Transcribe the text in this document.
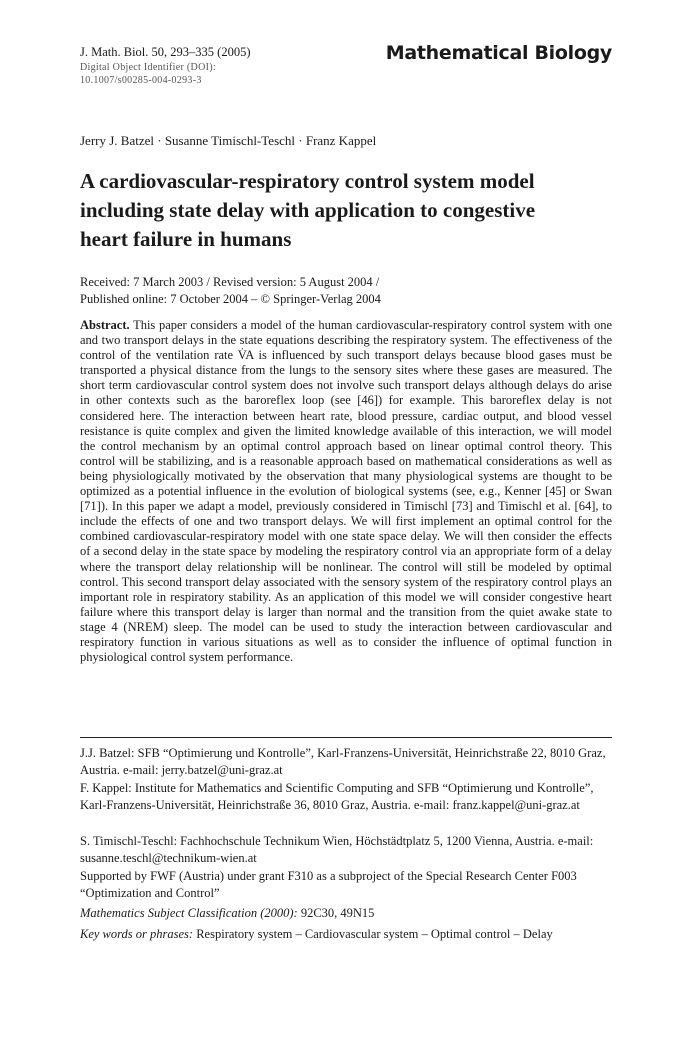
J. Math. Biol. 50, 293–335 (2005)
Digital Object Identifier (DOI):
10.1007/s00285-004-0293-3
Mathematical Biology
Jerry J. Batzel · Susanne Timischl-Teschl · Franz Kappel
A cardiovascular-respiratory control system model including state delay with application to congestive heart failure in humans
Received: 7 March 2003 / Revised version: 5 August 2004 /
Published online: 7 October 2004 – © Springer-Verlag 2004
Abstract. This paper considers a model of the human cardiovascular-respiratory control system with one and two transport delays in the state equations describing the respiratory system. The effectiveness of the control of the ventilation rate V̇A is influenced by such transport delays because blood gases must be transported a physical distance from the lungs to the sensory sites where these gases are measured. The short term cardiovascular control system does not involve such transport delays although delays do arise in other contexts such as the baroreflex loop (see [46]) for example. This baroreflex delay is not considered here. The interaction between heart rate, blood pressure, cardiac output, and blood vessel resistance is quite complex and given the limited knowledge available of this interaction, we will model the control mechanism by an optimal control approach based on linear optimal control theory. This control will be stabilizing, and is a reasonable approach based on mathematical considerations as well as being physiologically motivated by the observation that many physiological systems are thought to be optimized as a potential influence in the evolution of biological systems (see, e.g., Kenner [45] or Swan [71]). In this paper we adapt a model, previously considered in Timischl [73] and Timischl et al. [64], to include the effects of one and two transport delays. We will first implement an optimal control for the combined cardiovascular-respiratory model with one state space delay. We will then consider the effects of a second delay in the state space by modeling the respiratory control via an appropriate form of a delay where the transport delay relationship will be nonlinear. The control will still be modeled by optimal control. This second transport delay associated with the sensory system of the respiratory control plays an important role in respiratory stability. As an application of this model we will consider congestive heart failure where this transport delay is larger than normal and the transition from the quiet awake state to stage 4 (NREM) sleep. The model can be used to study the interaction between cardiovascular and respiratory function in various situations as well as to consider the influence of optimal function in physiological control system performance.
J.J. Batzel: SFB “Optimierung und Kontrolle”, Karl-Franzens-Universität, Heinrichstraße 22, 8010 Graz, Austria. e-mail: jerry.batzel@uni-graz.at
F. Kappel: Institute for Mathematics and Scientific Computing and SFB “Optimierung und Kontrolle”, Karl-Franzens-Universität, Heinrichstraße 36, 8010 Graz, Austria. e-mail: franz.kappel@uni-graz.at
S. Timischl-Teschl: Fachhochschule Technikum Wien, Höchstädtplatz 5, 1200 Vienna, Austria. e-mail: susanne.teschl@technikum-wien.at
Supported by FWF (Austria) under grant F310 as a subproject of the Special Research Center F003 “Optimization and Control”
Mathematics Subject Classification (2000): 92C30, 49N15
Key words or phrases: Respiratory system – Cardiovascular system – Optimal control – Delay
